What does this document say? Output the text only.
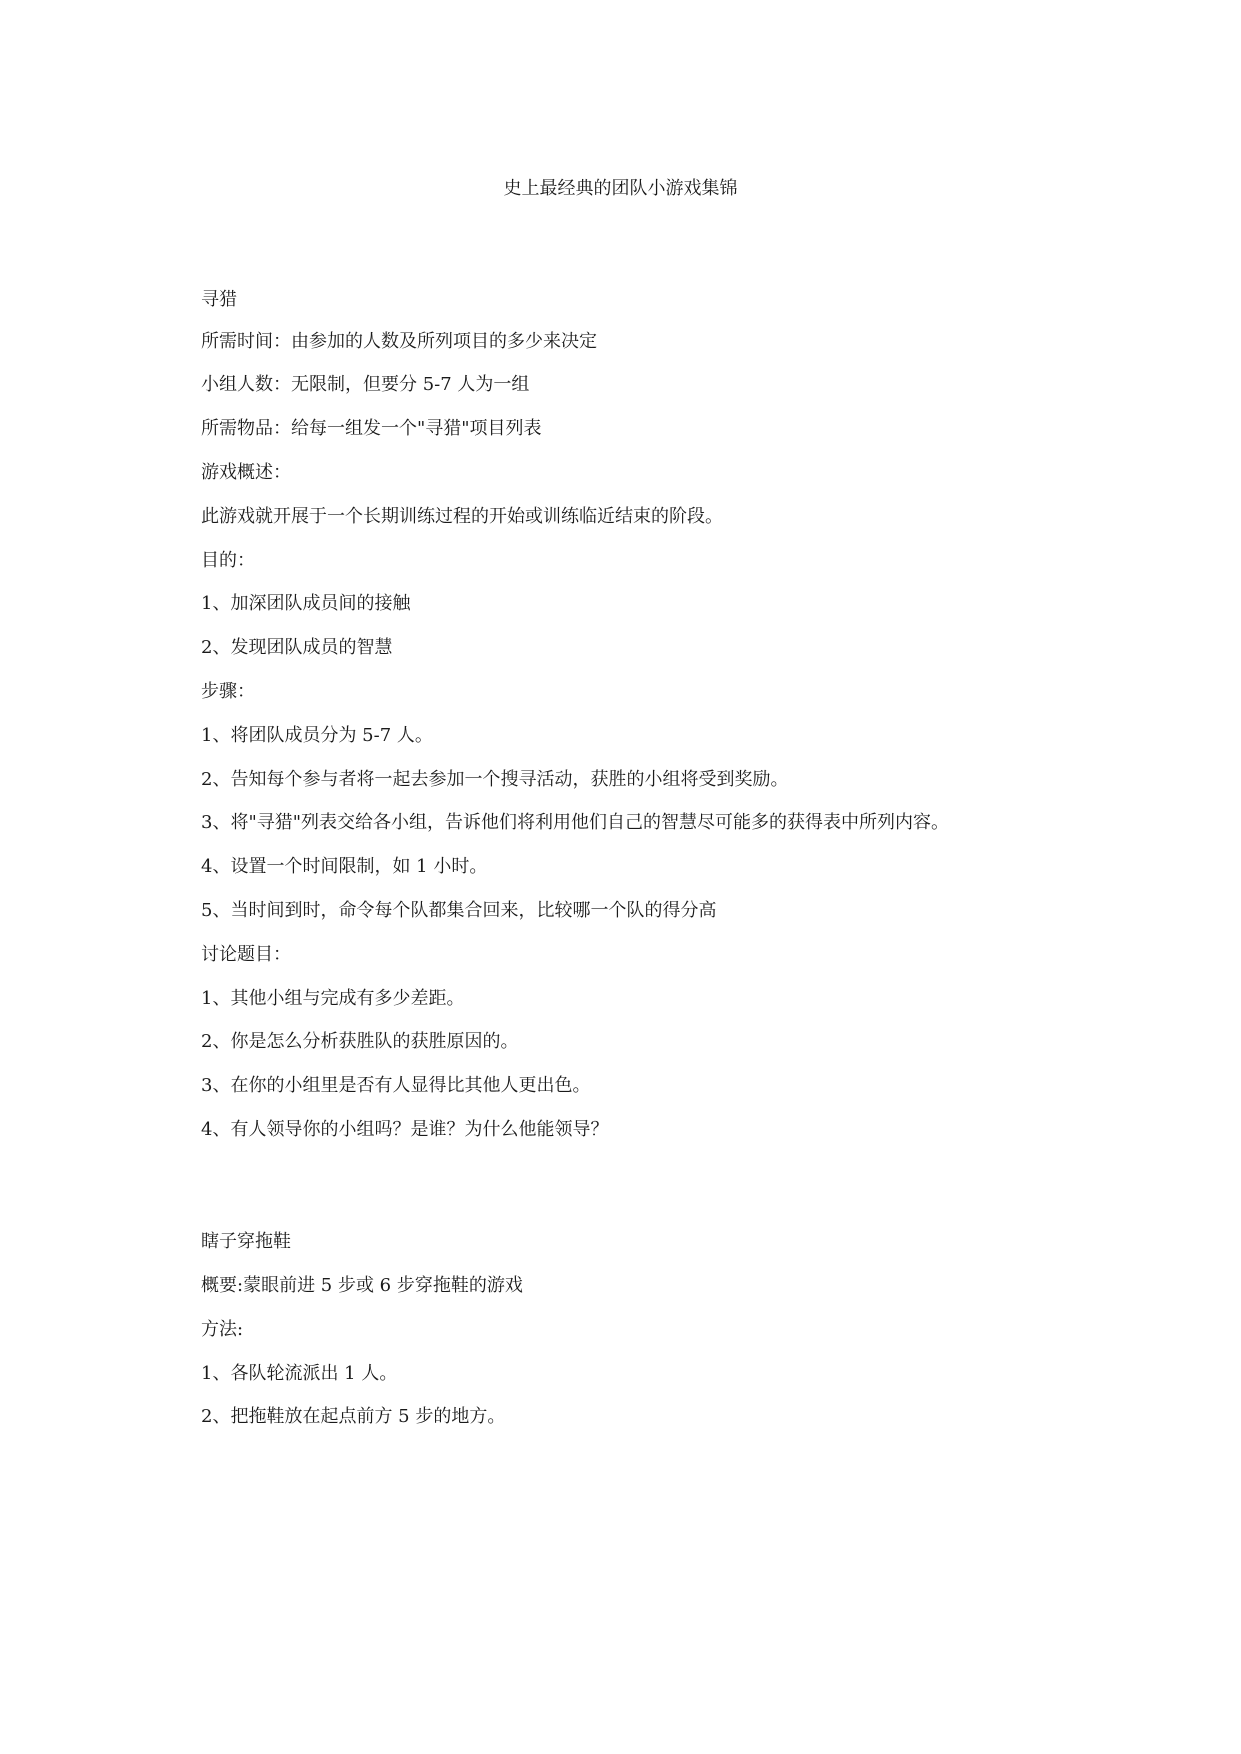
史上最经典的团队小游戏集锦

寻猎

所需时间：由参加的人数及所列项目的多少来决定

小组人数：无限制，但要分 5-7 人为一组

所需物品：给每一组发一个"寻猎"项目列表

游戏概述：

此游戏就开展于一个长期训练过程的开始或训练临近结束的阶段。

目的：

1、加深团队成员间的接触

2、发现团队成员的智慧

步骤：

1、将团队成员分为 5-7 人。

2、告知每个参与者将一起去参加一个搜寻活动，获胜的小组将受到奖励。

3、将"寻猎"列表交给各小组，告诉他们将利用他们自己的智慧尽可能多的获得表中所列内容。

4、设置一个时间限制，如 1 小时。

5、当时间到时，命令每个队都集合回来，比较哪一个队的得分高

讨论题目：

1、其他小组与完成有多少差距。

2、你是怎么分析获胜队的获胜原因的。

3、在你的小组里是否有人显得比其他人更出色。

4、有人领导你的小组吗？是谁？为什么他能领导？

瞎子穿拖鞋

概要:蒙眼前进 5 步或 6 步穿拖鞋的游戏

方法:

1、各队轮流派出 1 人。

2、把拖鞋放在起点前方 5 步的地方。
